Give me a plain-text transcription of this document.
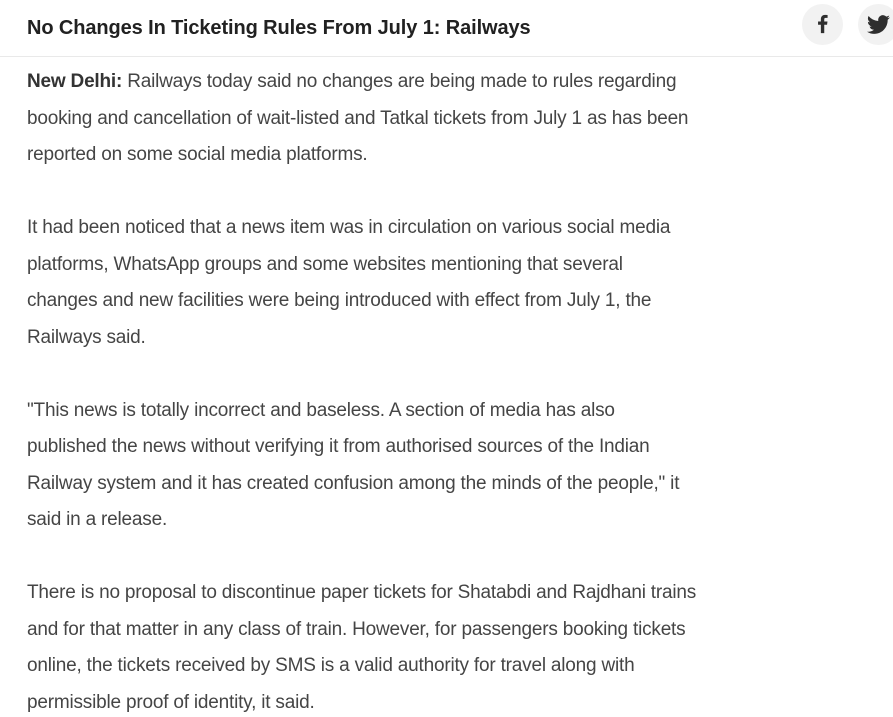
No Changes In Ticketing Rules From July 1: Railways

New Delhi: Railways today said no changes are being made to rules regarding
booking and cancellation of wait-listed and Tatkal tickets from July 1 as has been
reported on some social media platforms.

It had been noticed that a news item was in circulation on various social media
platforms, WhatsApp groups and some websites mentioning that several
changes and new facilities were being introduced with effect from July 1, the
Railways said.

"This news is totally incorrect and baseless. A section of media has also
published the news without verifying it from authorised sources of the Indian
Railway system and it has created confusion among the minds of the people," it
said in a release.

There is no proposal to discontinue paper tickets for Shatabdi and Rajdhani trains
and for that matter in any class of train. However, for passengers booking tickets
online, the tickets received by SMS is a valid authority for travel along with
permissible proof of identity, it said.
